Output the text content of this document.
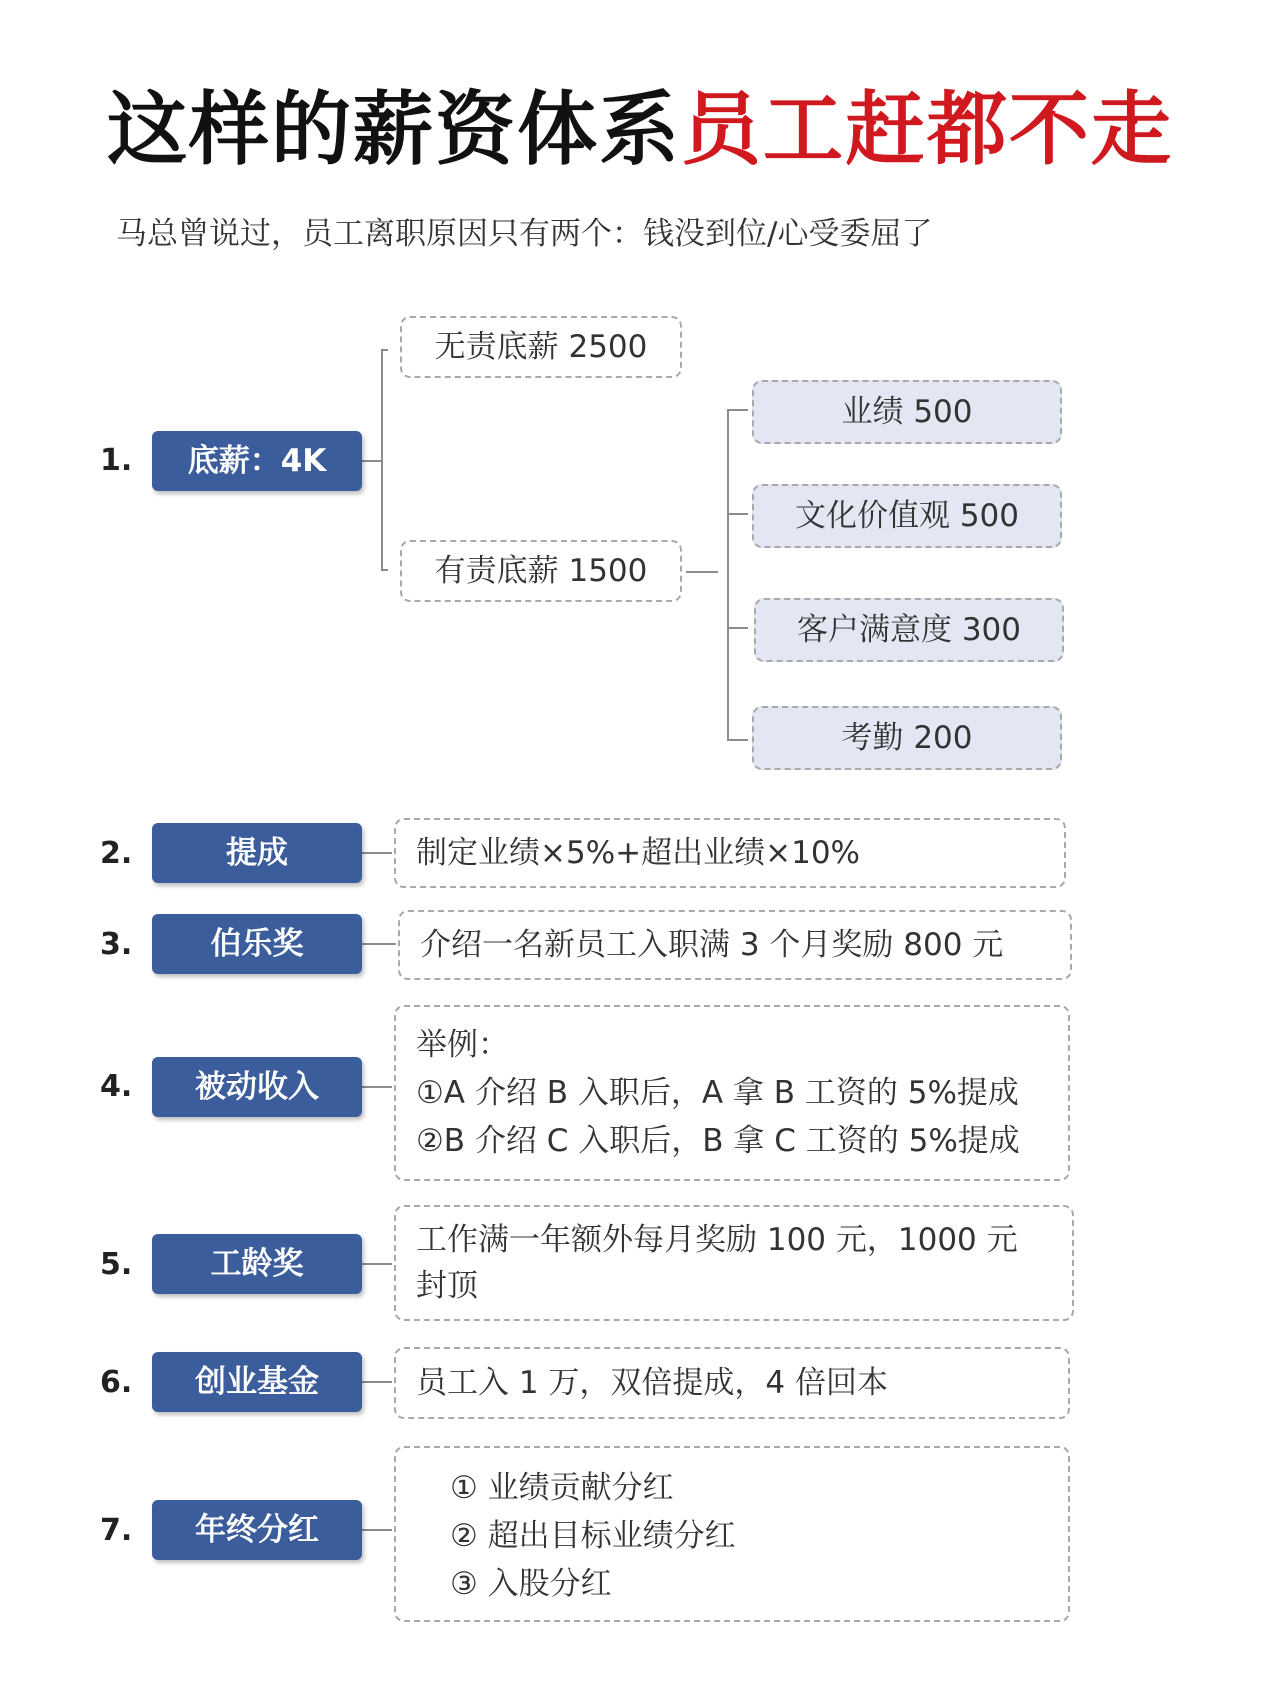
这样的薪资体系员工赶都不走
马总曾说过，员工离职原因只有两个：钱没到位/心受委屈了
1.	底薪：4K
无责底薪 2500
有责底薪 1500
业绩 500
文化价值观 500
客户满意度 300
考勤 200
2.	提成	制定业绩×5%+超出业绩×10%
3.	伯乐奖	介绍一名新员工入职满 3 个月奖励 800 元
4.	被动收入
举例：
①A 介绍 B 入职后，A 拿 B 工资的 5%提成
②B 介绍 C 入职后，B 拿 C 工资的 5%提成
5.	工龄奖
工作满一年额外每月奖励 100 元，1000 元
封顶
6.	创业基金	员工入 1 万，双倍提成，4 倍回本
7.	年终分红
① 业绩贡献分红
② 超出目标业绩分红
③ 入股分红
